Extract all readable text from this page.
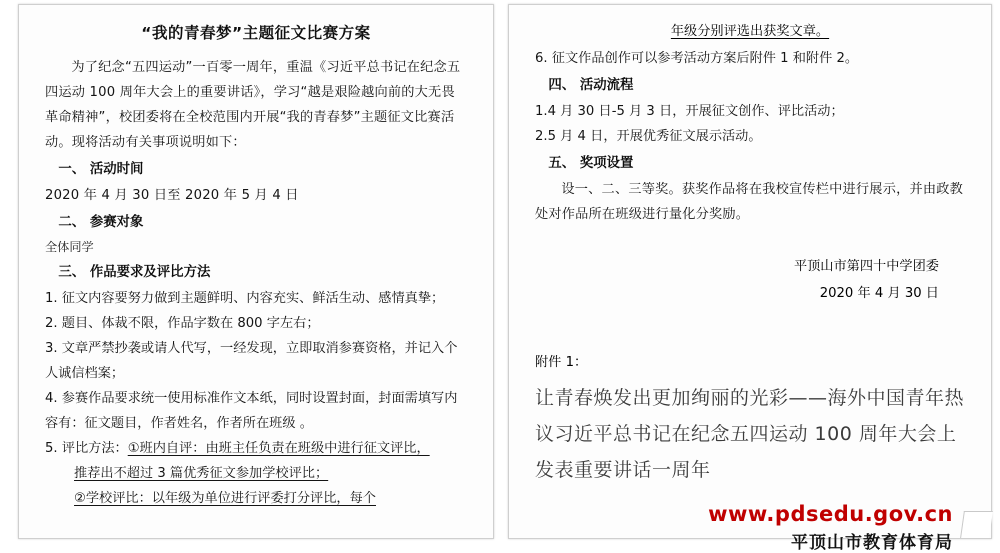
“我的青春梦”主题征文比赛方案

为了纪念“五四运动”一百零一周年，重温《习近平总书记在纪念五四运动 100 周年大会上的重要讲话》，学习“越是艰险越向前的大无畏革命精神”，校团委将在全校范围内开展“我的青春梦”主题征文比赛活动。现将活动有关事项说明如下：

一、 活动时间

2020 年 4 月 30 日至 2020 年 5 月 4 日

二、 参赛对象

全体同学

三、 作品要求及评比方法

1. 征文内容要努力做到主题鲜明、内容充实、鲜活生动、感情真挚；

2. 题目、体裁不限，作品字数在 800 字左右；

3. 文章严禁抄袭或请人代写，一经发现，立即取消参赛资格，并记入个人诚信档案；

4. 参赛作品要求统一使用标准作文本纸，同时设置封面，封面需填写内容有：征文题目，作者姓名，作者所在班级 。

5. 评比方法：①班内自评：由班主任负责在班级中进行征文评比，

推荐出不超过 3 篇优秀征文参加学校评比；

②学校评比：以年级为单位进行评委打分评比，每个

年级分别评选出获奖文章。

6. 征文作品创作可以参考活动方案后附件 1 和附件 2。

四、 活动流程

1.4 月 30 日-5 月 3 日，开展征文创作、评比活动；

2.5 月 4 日，开展优秀征文展示活动。

五、 奖项设置

设一、二、三等奖。获奖作品将在我校宣传栏中进行展示，并由政教处对作品所在班级进行量化分奖励。

平顶山市第四十中学团委

2020 年 4 月 30 日

附件 1：

让青春焕发出更加绚丽的光彩——海外中国青年热议习近平总书记在纪念五四运动 100 周年大会上发表重要讲话一周年
www.pdsedu.gov.cn
平顶山市教育体育局
